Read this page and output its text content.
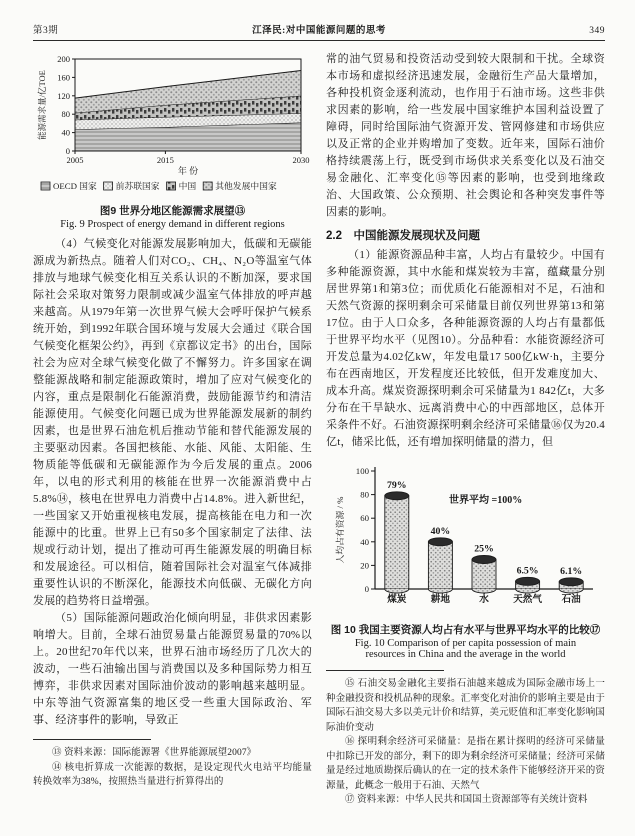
第3期	江泽民:对中国能源问题的思考	349
0
40
80
120
160
200
2005	2015	2030
年 份
能源需求量/亿TOE
OECD 国家 前苏联国家 中国 其他发展中国家
图9 世界分地区能源需求展望⑬
Fig. 9 Prospect of energy demand in different regions

（4）气候变化对能源发展影响加大，低碳和无碳能源成为新热点。随着人们对CO₂、CH₄、N₂O等温室气体排放与地球气候变化相互关系认识的不断加深，要求国际社会采取对策努力限制或减少温室气体排放的呼声越来越高。从1979年第一次世界气候大会呼吁保护气候系统开始，到1992年联合国环境与发展大会通过《联合国气候变化框架公约》，再到《京都议定书》的出台，国际社会为应对全球气候变化做了不懈努力。许多国家在调整能源战略和制定能源政策时，增加了应对气候变化的内容，重点是限制化石能源消费，鼓励能源节约和清洁能源使用。气候变化问题已成为世界能源发展新的制约因素，也是世界石油危机后推动节能和替代能源发展的主要驱动因素。各国把核能、水能、风能、太阳能、生物质能等低碳和无碳能源作为今后发展的重点。2006年，以电的形式利用的核能在世界一次能源消费中占5.8%⑭，核电在世界电力消费中占14.8%。进入新世纪，一些国家又开始重视核电发展，提高核能在电力和一次能源中的比重。世界上已有50多个国家制定了法律、法规或行动计划，提出了推动可再生能源发展的明确目标和发展途径。可以相信，随着国际社会对温室气体减排重要性认识的不断深化，能源技术向低碳、无碳化方向发展的趋势将日益增强。

（5）国际能源问题政治化倾向明显，非供求因素影响增大。目前，全球石油贸易量占能源贸易量的70%以上。20世纪70年代以来，世界石油市场经历了几次大的波动，一些石油输出国与消费国以及多种国际势力相互博弈，非供求因素对国际油价波动的影响越来越明显。中东等油气资源富集的地区受一些重大国际政治、军事、经济事件的影响，导致正

⑬ 资料来源：国际能源署《世界能源展望2007》

⑭ 核电折算成一次能源的数据，是设定现代火电站平均能量转换效率为38%，按照热当量进行折算得出的

常的油气贸易和投资活动受到较大限制和干扰。全球资本市场和虚拟经济迅速发展，金融衍生产品大量增加，各种投机资金逐利流动，也作用于石油市场。这些非供求因素的影响，给一些发展中国家维护本国利益设置了障碍，同时给国际油气资源开发、管网修建和市场供应以及正常的企业并购增加了变数。近年来，国际石油价格持续震荡上行，既受到市场供求关系变化以及石油交易金融化、汇率变化⑮等因素的影响，也受到地缘政治、大国政策、公众预期、社会舆论和各种突发事件等因素的影响。

2.2　中国能源发展现状及问题

（1）能源资源品种丰富，人均占有量较少。中国有多种能源资源，其中水能和煤炭较为丰富，蕴藏量分别居世界第1和第3位；而优质化石能源相对不足，石油和天然气资源的探明剩余可采储量目前仅列世界第13和第17位。由于人口众多，各种能源资源的人均占有量都低于世界平均水平（见图10）。分品种看：水能资源经济可开发总量为4.02亿kW，年发电量17 500亿kW·h，主要分布在西南地区，开发程度还比较低，但开发难度加大、成本升高。煤炭资源探明剩余可采储量为1 842亿t，大多分布在干旱缺水、远离消费中心的中西部地区，总体开采条件不好。石油资源探明剩余经济可采储量⑯仅为20.4亿t，储采比低，还有增加探明储量的潜力，但

0
20
40
60
80
100
人均占有资源 / %
79%
煤炭
40%
耕地
25%
水
6.5%
天然气
6.1%
石油
世界平均 =100%
图 10 我国主要资源人均占有水平与世界平均水平的比较⑰
Fig. 10 Comparison of per capita possession of main
resources in China and the average in the world

⑮ 石油交易金融化主要指石油越来越成为国际金融市场上一种金融投资和投机品种的现象。汇率变化对油价的影响主要是由于国际石油交易大多以美元计价和结算，美元贬值和汇率变化影响国际油价变动

⑯ 探明剩余经济可采储量：是指在累计探明的经济可采储量中扣除已开发的部分，剩下的即为剩余经济可采储量；经济可采储量是经过地质勘探后确认的在一定的技术条件下能够经济开采的资源量，此概念一般用于石油、天然气

⑰ 资料来源：中华人民共和国国土资源部等有关统计资料
